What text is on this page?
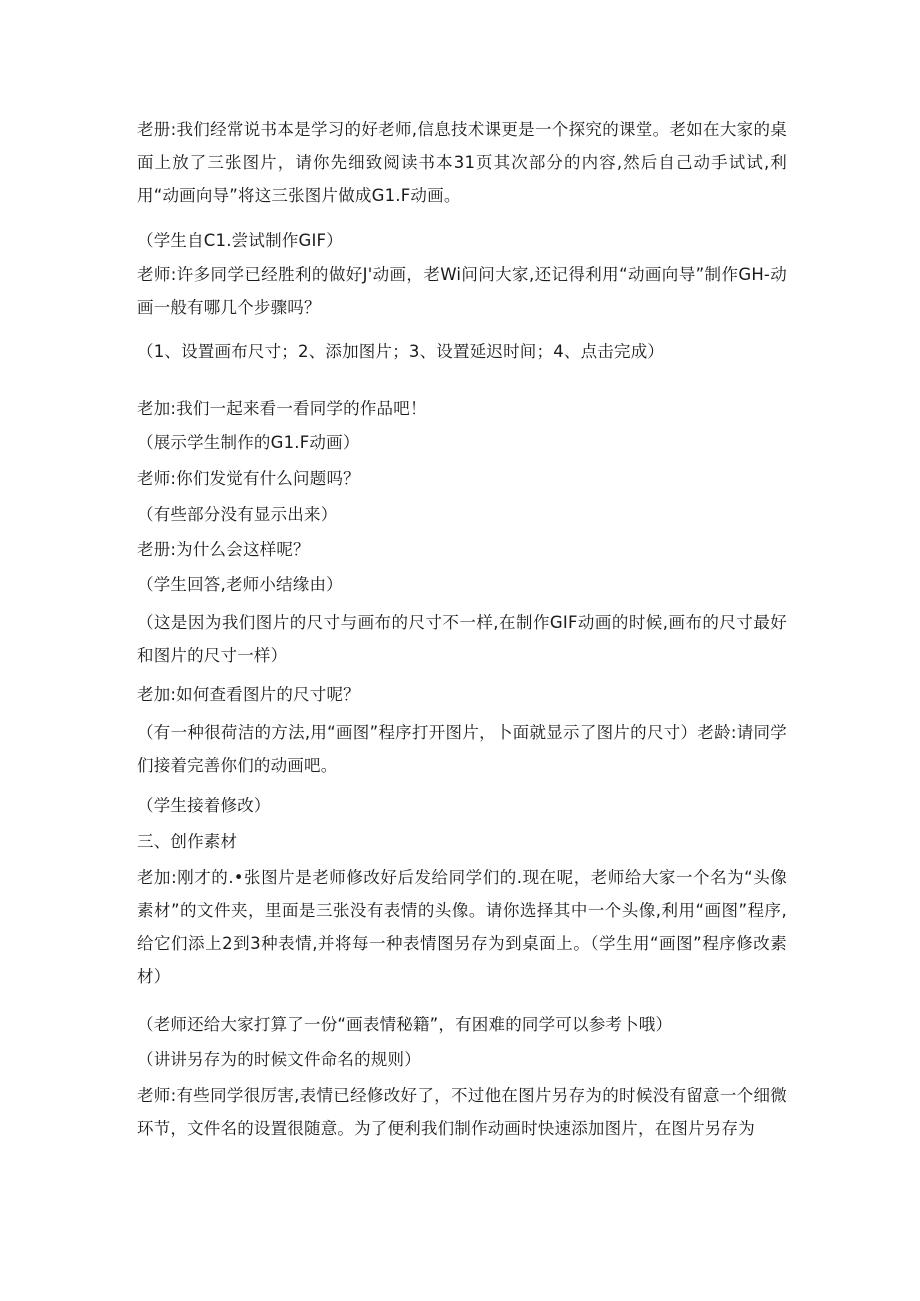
老册:我们经常说书本是学习的好老师,信息技术课更是一个探究的课堂。老如在大家的桌面上放了三张图片，请你先细致阅读书本31页其次部分的内容,然后自己动手试试,利用“动画向导”将这三张图片做成G1.F动画。

（学生自C1.尝试制作GIF）

老师:许多同学已经胜利的做好J'动画，老Wi问问大家,还记得利用“动画向导”制作GH-动画一般有哪几个步骤吗？

（1、设置画布尺寸；2、添加图片；3、设置延迟时间；4、点击完成）

老加:我们一起来看一看同学的作品吧！

（展示学生制作的G1.F动画）

老师:你们发觉有什么问题吗？

（有些部分没有显示出来）

老册:为什么会这样呢？

（学生回答,老师小结缘由）

（这是因为我们图片的尺寸与画布的尺寸不一样,在制作GIF动画的时候,画布的尺寸最好和图片的尺寸一样）

老加:如何查看图片的尺寸呢？

（有一种很荷洁的方法,用“画图”程序打开图片，卜面就显示了图片的尺寸）老龄:请同学们接着完善你们的动画吧。

（学生接着修改）

三、创作素材

老加:刚才的.•张图片是老师修改好后发给同学们的.现在呢，老师给大家一个名为“头像素材”的文件夹，里面是三张没有表情的头像。请你选择其中一个头像,利用“画图”程序,给它们添上2到3种表情,并将每一种表情图另存为到桌面上。（学生用“画图”程序修改素材）

（老师还给大家打算了一份“画表情秘籍”，有困难的同学可以参考卜哦）

（讲讲另存为的时候文件命名的规则）

老师:有些同学很厉害,表情已经修改好了，不过他在图片另存为的时候没有留意一个细微环节，文件名的设置很随意。为了便利我们制作动画时快速添加图片，在图片另存为
